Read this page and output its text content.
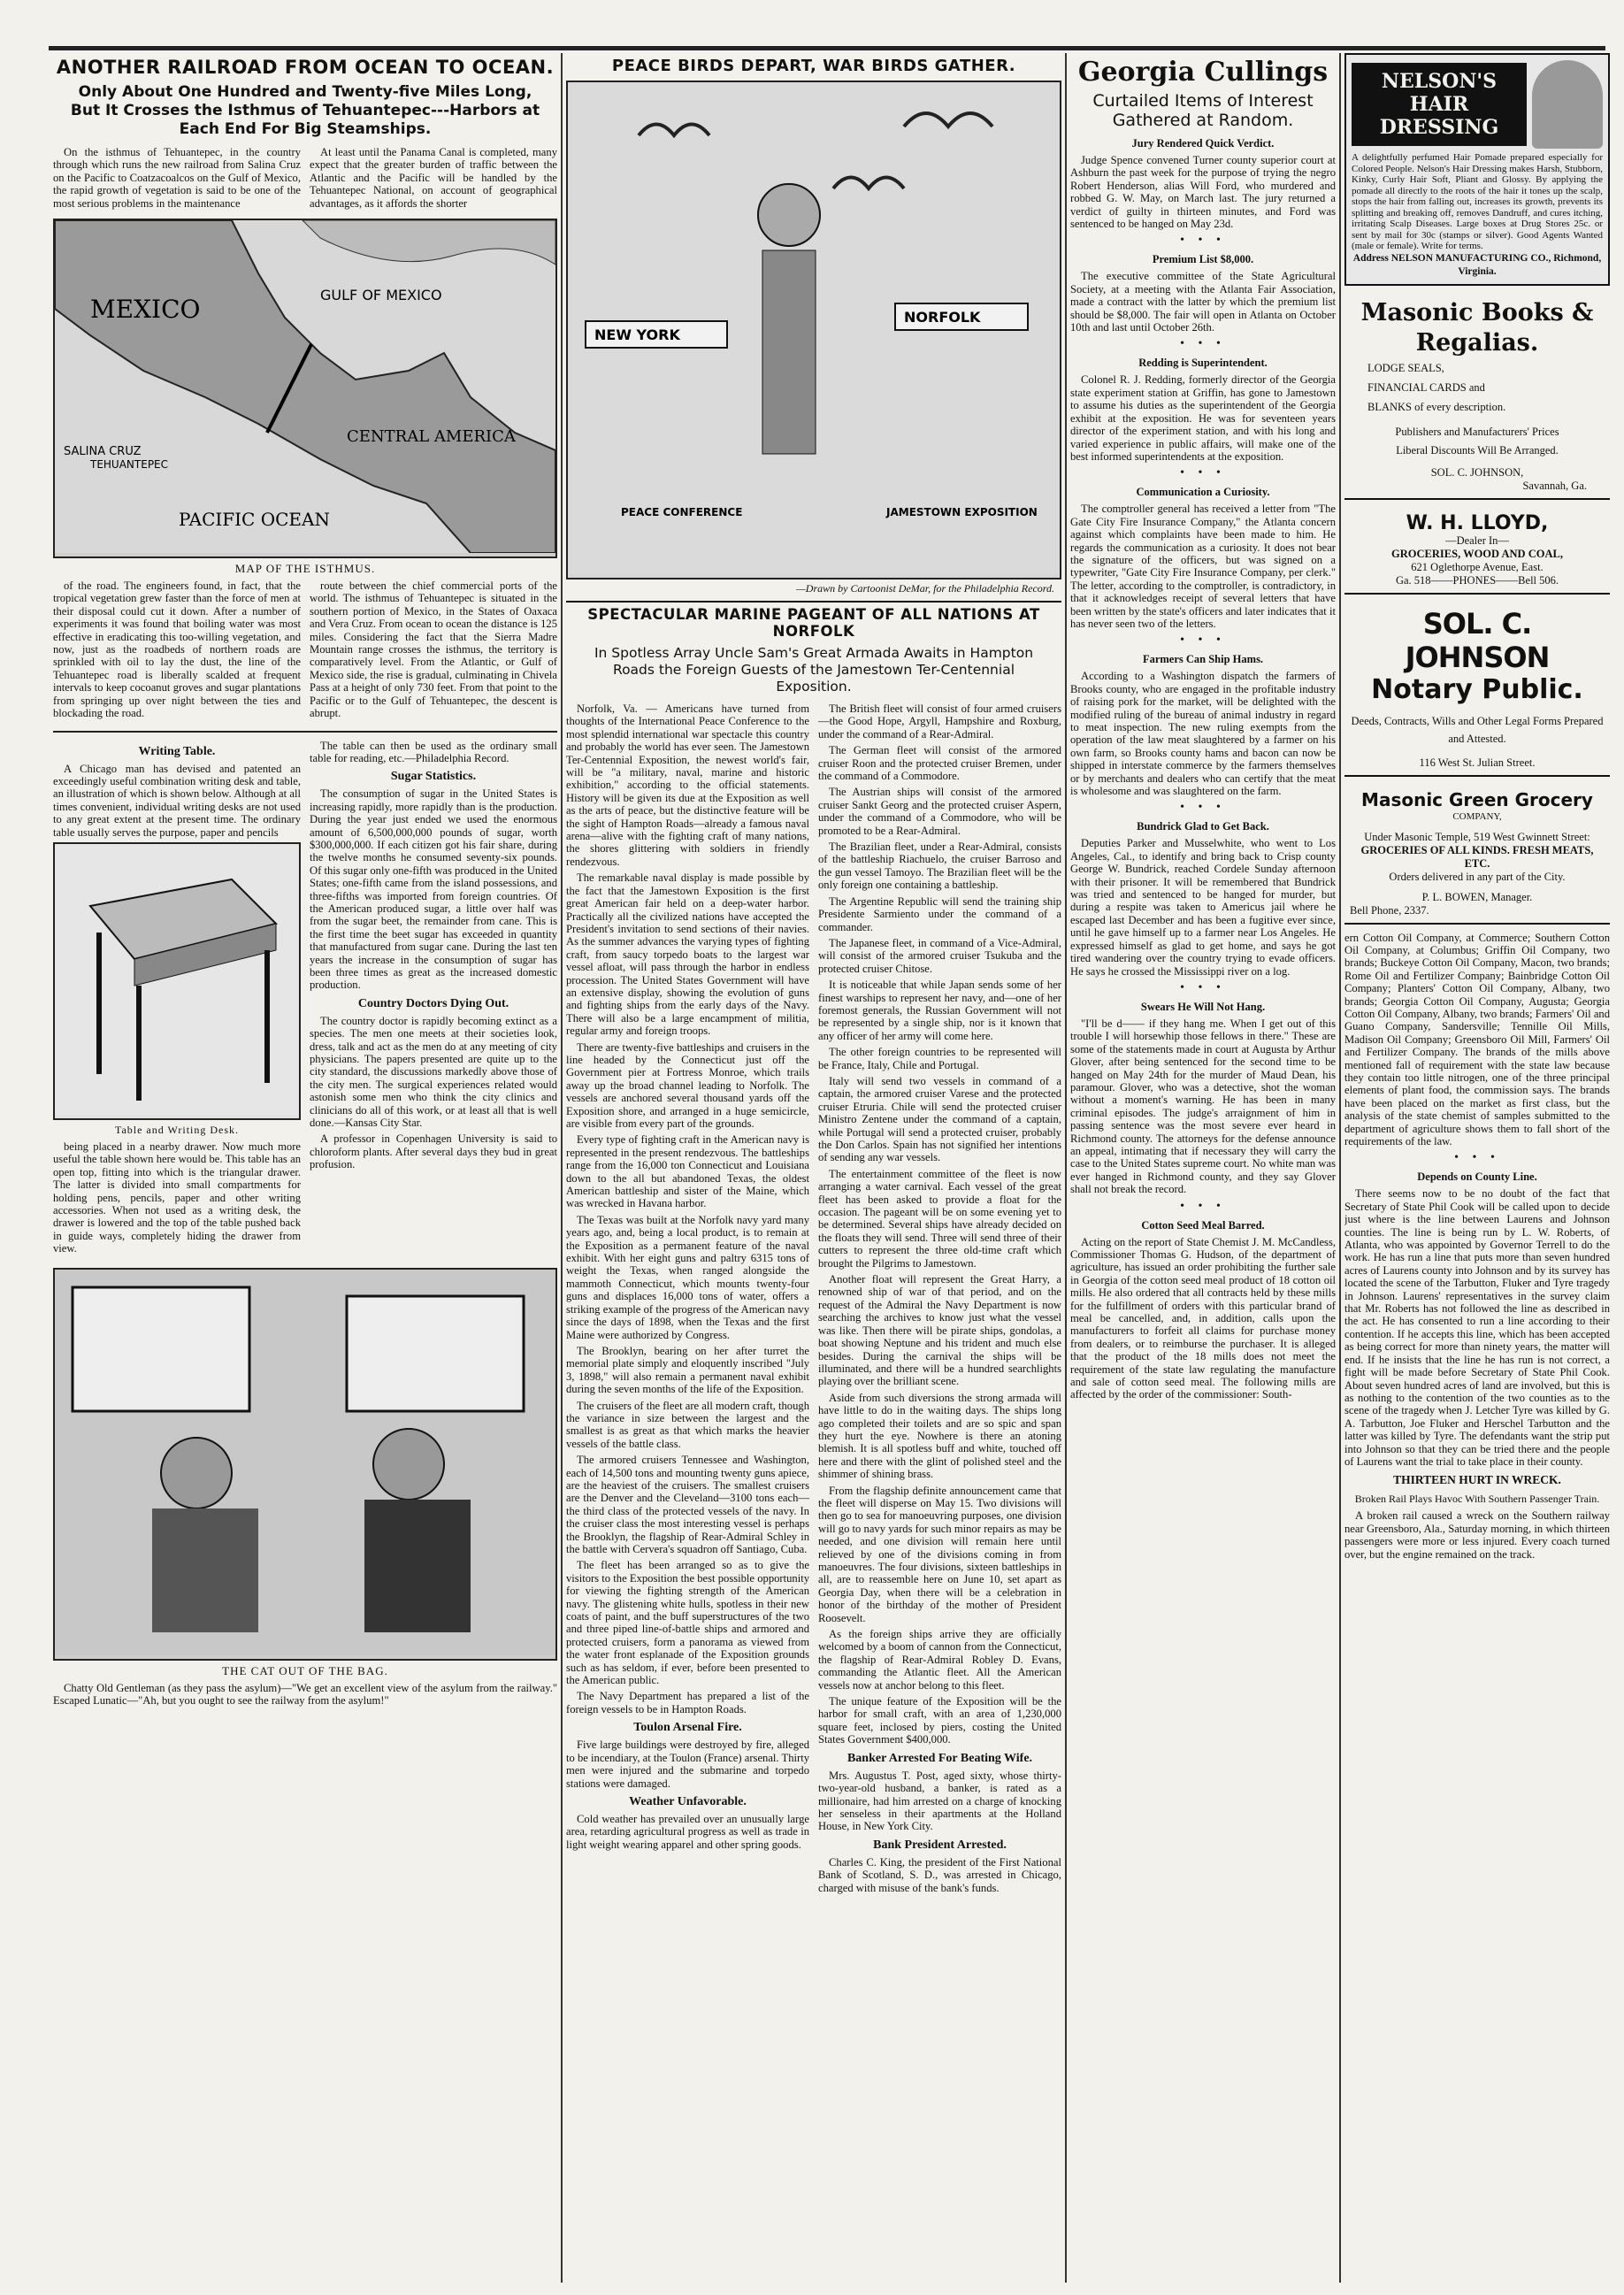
ANOTHER RAILROAD FROM OCEAN TO OCEAN.
Only About One Hundred and Twenty-five Miles Long, But It Crosses the Isthmus of Tehuantepec---Harbors at Each End For Big Steamships.

On the isthmus of Tehuantepec, in the country through which runs the new railroad from Salina Cruz on the Pacific to Coatzacoalcos on the Gulf of Mexico, the rapid growth of vegetation is said to be one of the most serious problems in the maintenance

At least until the Panama Canal is completed, many expect that the greater burden of traffic between the Atlantic and the Pacific will be handled by the Tehuantepec National, on account of geographical advantages, as it affords the shorter

GULF OF MEXICO
MEXICO
SALINA CRUZ
TEHUANTEPEC
CENTRAL AMERICA
PACIFIC OCEAN
MAP OF THE ISTHMUS.

of the road. The engineers found, in fact, that the tropical vegetation grew faster than the force of men at their disposal could cut it down. After a number of experiments it was found that boiling water was most effective in eradicating this too-willing vegetation, and now, just as the roadbeds of northern roads are sprinkled with oil to lay the dust, the line of the Tehuantepec road is liberally scalded at frequent intervals to keep cocoanut groves and sugar plantations from springing up over night between the ties and blockading the road.

route between the chief commercial ports of the world. The isthmus of Tehuantepec is situated in the southern portion of Mexico, in the States of Oaxaca and Vera Cruz. From ocean to ocean the distance is 125 miles. Considering the fact that the Sierra Madre Mountain range crosses the isthmus, the territory is comparatively level. From the Atlantic, or Gulf of Mexico side, the rise is gradual, culminating in Chivela Pass at a height of only 730 feet. From that point to the Pacific or to the Gulf of Tehuantepec, the descent is abrupt.

Writing Table.

A Chicago man has devised and patented an exceedingly useful combination writing desk and table, an illustration of which is shown below. Although at all times convenient, individual writing desks are not used to any great extent at the present time. The ordinary table usually serves the purpose, paper and pencils

Table and Writing Desk.

being placed in a nearby drawer. Now much more useful the table shown here would be. This table has an open top, fitting into which is the triangular drawer. The latter is divided into small compartments for holding pens, pencils, paper and other writing accessories. When not used as a writing desk, the drawer is lowered and the top of the table pushed back in guide ways, completely hiding the drawer from view.

The table can then be used as the ordinary small table for reading, etc.—Philadelphia Record.

Sugar Statistics.

The consumption of sugar in the United States is increasing rapidly, more rapidly than is the production. During the year just ended we used the enormous amount of 6,500,000,000 pounds of sugar, worth $300,000,000. If each citizen got his fair share, during the twelve months he consumed seventy-six pounds. Of this sugar only one-fifth was produced in the United States; one-fifth came from the island possessions, and three-fifths was imported from foreign countries. Of the American produced sugar, a little over half was from the sugar beet, the remainder from cane. This is the first time the beet sugar has exceeded in quantity that manufactured from sugar cane. During the last ten years the increase in the consumption of sugar has been three times as great as the increased domestic production.

Country Doctors Dying Out.

The country doctor is rapidly becoming extinct as a species. The men one meets at their societies look, dress, talk and act as the men do at any meeting of city physicians. The papers presented are quite up to the city standard, the discussions markedly above those of the city men. The surgical experiences related would astonish some men who think the city clinics and clinicians do all of this work, or at least all that is well done.—Kansas City Star.

A professor in Copenhagen University is said to chloroform plants. After several days they bud in great profusion.

THE CAT OUT OF THE BAG.

Chatty Old Gentleman (as they pass the asylum)—"We get an excellent view of the asylum from the railway." Escaped Lunatic—"Ah, but you ought to see the railway from the asylum!"

PEACE BIRDS DEPART, WAR BIRDS GATHER.
NEW YORK
NORFOLK
PEACE CONFERENCE	JAMESTOWN EXPOSITION
—Drawn by Cartoonist DeMar, for the Philadelphia Record.
SPECTACULAR MARINE PAGEANT OF ALL NATIONS AT NORFOLK
In Spotless Array Uncle Sam's Great Armada Awaits in Hampton Roads the Foreign Guests of the Jamestown Ter-Centennial Exposition.

Norfolk, Va. — Americans have turned from thoughts of the International Peace Conference to the most splendid international war spectacle this country and probably the world has ever seen. The Jamestown Ter-Centennial Exposition, the newest world's fair, will be "a military, naval, marine and historic exhibition," according to the official statements. History will be given its due at the Exposition as well as the arts of peace, but the distinctive feature will be the sight of Hampton Roads—already a famous naval arena—alive with the fighting craft of many nations, the shores glittering with soldiers in friendly rendezvous.

The remarkable naval display is made possible by the fact that the Jamestown Exposition is the first great American fair held on a deep-water harbor. Practically all the civilized nations have accepted the President's invitation to send sections of their navies. As the summer advances the varying types of fighting craft, from saucy torpedo boats to the largest war vessel afloat, will pass through the harbor in endless procession. The United States Government will have an extensive display, showing the evolution of guns and fighting ships from the early days of the Navy. There will also be a large encampment of militia, regular army and foreign troops.

There are twenty-five battleships and cruisers in the line headed by the Connecticut just off the Government pier at Fortress Monroe, which trails away up the broad channel leading to Norfolk. The vessels are anchored several thousand yards off the Exposition shore, and arranged in a huge semicircle, are visible from every part of the grounds.

Every type of fighting craft in the American navy is represented in the present rendezvous. The battleships range from the 16,000 ton Connecticut and Louisiana down to the all but abandoned Texas, the oldest American battleship and sister of the Maine, which was wrecked in Havana harbor.

The Texas was built at the Norfolk navy yard many years ago, and, being a local product, is to remain at the Exposition as a permanent feature of the naval exhibit. With her eight guns and paltry 6315 tons of weight the Texas, when ranged alongside the mammoth Connecticut, which mounts twenty-four guns and displaces 16,000 tons of water, offers a striking example of the progress of the American navy since the days of 1898, when the Texas and the first Maine were authorized by Congress.

The Brooklyn, bearing on her after turret the memorial plate simply and eloquently inscribed "July 3, 1898," will also remain a permanent naval exhibit during the seven months of the life of the Exposition.

The cruisers of the fleet are all modern craft, though the variance in size between the largest and the smallest is as great as that which marks the heavier vessels of the battle class.

The armored cruisers Tennessee and Washington, each of 14,500 tons and mounting twenty guns apiece, are the heaviest of the cruisers. The smallest cruisers are the Denver and the Cleveland—3100 tons each—the third class of the protected vessels of the navy. In the cruiser class the most interesting vessel is perhaps the Brooklyn, the flagship of Rear-Admiral Schley in the battle with Cervera's squadron off Santiago, Cuba.

The fleet has been arranged so as to give the visitors to the Exposition the best possible opportunity for viewing the fighting strength of the American navy. The glistening white hulls, spotless in their new coats of paint, and the buff superstructures of the two and three piped line-of-battle ships and armored and protected cruisers, form a panorama as viewed from the water front esplanade of the Exposition grounds such as has seldom, if ever, before been presented to the American public.

The Navy Department has prepared a list of the foreign vessels to be in Hampton Roads.

Toulon Arsenal Fire.

Five large buildings were destroyed by fire, alleged to be incendiary, at the Toulon (France) arsenal. Thirty men were injured and the submarine and torpedo stations were damaged.

Weather Unfavorable.

Cold weather has prevailed over an unusually large area, retarding agricultural progress as well as trade in light weight wearing apparel and other spring goods.

The British fleet will consist of four armed cruisers—the Good Hope, Argyll, Hampshire and Roxburg, under the command of a Rear-Admiral.

The German fleet will consist of the armored cruiser Roon and the protected cruiser Bremen, under the command of a Commodore.

The Austrian ships will consist of the armored cruiser Sankt Georg and the protected cruiser Aspern, under the command of a Commodore, who will be promoted to be a Rear-Admiral.

The Brazilian fleet, under a Rear-Admiral, consists of the battleship Riachuelo, the cruiser Barroso and the gun vessel Tamoyo. The Brazilian fleet will be the only foreign one containing a battleship.

The Argentine Republic will send the training ship Presidente Sarmiento under the command of a commander.

The Japanese fleet, in command of a Vice-Admiral, will consist of the armored cruiser Tsukuba and the protected cruiser Chitose.

It is noticeable that while Japan sends some of her finest warships to represent her navy, and—one of her foremost generals, the Russian Government will not be represented by a single ship, nor is it known that any officer of her army will come here.

The other foreign countries to be represented will be France, Italy, Chile and Portugal.

Italy will send two vessels in command of a captain, the armored cruiser Varese and the protected cruiser Etruria. Chile will send the protected cruiser Ministro Zentene under the command of a captain, while Portugal will send a protected cruiser, probably the Don Carlos. Spain has not signified her intentions of sending any war vessels.

The entertainment committee of the fleet is now arranging a water carnival. Each vessel of the great fleet has been asked to provide a float for the occasion. The pageant will be on some evening yet to be determined. Several ships have already decided on the floats they will send. Three will send three of their cutters to represent the three old-time craft which brought the Pilgrims to Jamestown.

Another float will represent the Great Harry, a renowned ship of war of that period, and on the request of the Admiral the Navy Department is now searching the archives to know just what the vessel was like. Then there will be pirate ships, gondolas, a boat showing Neptune and his trident and much else besides. During the carnival the ships will be illuminated, and there will be a hundred searchlights playing over the brilliant scene.

Aside from such diversions the strong armada will have little to do in the waiting days. The ships long ago completed their toilets and are so spic and span they hurt the eye. Nowhere is there an atoning blemish. It is all spotless buff and white, touched off here and there with the glint of polished steel and the shimmer of shining brass.

From the flagship definite announcement came that the fleet will disperse on May 15. Two divisions will then go to sea for manoeuvring purposes, one division will go to navy yards for such minor repairs as may be needed, and one division will remain here until relieved by one of the divisions coming in from manoeuvres. The four divisions, sixteen battleships in all, are to reassemble here on June 10, set apart as Georgia Day, when there will be a celebration in honor of the birthday of the mother of President Roosevelt.

As the foreign ships arrive they are officially welcomed by a boom of cannon from the Connecticut, the flagship of Rear-Admiral Robley D. Evans, commanding the Atlantic fleet. All the American vessels now at anchor belong to this fleet.

The unique feature of the Exposition will be the harbor for small craft, with an area of 1,230,000 square feet, inclosed by piers, costing the United States Government $400,000.

Banker Arrested For Beating Wife.

Mrs. Augustus T. Post, aged sixty, whose thirty-two-year-old husband, a banker, is rated as a millionaire, had him arrested on a charge of knocking her senseless in their apartments at the Holland House, in New York City.

Bank President Arrested.

Charles C. King, the president of the First National Bank of Scotland, S. D., was arrested in Chicago, charged with misuse of the bank's funds.

Georgia Cullings
Curtailed Items of Interest Gathered at Random.
Jury Rendered Quick Verdict.

Judge Spence convened Turner county superior court at Ashburn the past week for the purpose of trying the negro Robert Henderson, alias Will Ford, who murdered and robbed G. W. May, on March last. The jury returned a verdict of guilty in thirteen minutes, and Ford was sentenced to be hanged on May 23d.

• • •
Premium List $8,000.

The executive committee of the State Agricultural Society, at a meeting with the Atlanta Fair Association, made a contract with the latter by which the premium list should be $8,000. The fair will open in Atlanta on October 10th and last until October 26th.

• • •
Redding is Superintendent.

Colonel R. J. Redding, formerly director of the Georgia state experiment station at Griffin, has gone to Jamestown to assume his duties as the superintendent of the Georgia exhibit at the exposition. He was for seventeen years director of the experiment station, and with his long and varied experience in public affairs, will make one of the best informed superintendents at the exposition.

• • •
Communication a Curiosity.

The comptroller general has received a letter from "The Gate City Fire Insurance Company," the Atlanta concern against which complaints have been made to him. He regards the communication as a curiosity. It does not bear the signature of the officers, but was signed on a typewriter, "Gate City Fire Insurance Company, per clerk." The letter, according to the comptroller, is contradictory, in that it acknowledges receipt of several letters that have been written by the state's officers and later indicates that it has never seen two of the letters.

• • •
Farmers Can Ship Hams.

According to a Washington dispatch the farmers of Brooks county, who are engaged in the profitable industry of raising pork for the market, will be delighted with the modified ruling of the bureau of animal industry in regard to meat inspection. The new ruling exempts from the operation of the law meat slaughtered by a farmer on his own farm, so Brooks county hams and bacon can now be shipped in interstate commerce by the farmers themselves or by merchants and dealers who can certify that the meat is wholesome and was slaughtered on the farm.

• • •
Bundrick Glad to Get Back.

Deputies Parker and Musselwhite, who went to Los Angeles, Cal., to identify and bring back to Crisp county George W. Bundrick, reached Cordele Sunday afternoon with their prisoner. It will be remembered that Bundrick was tried and sentenced to be hanged for murder, but during a respite was taken to Americus jail where he escaped last December and has been a fugitive ever since, until he gave himself up to a farmer near Los Angeles. He expressed himself as glad to get home, and says he got tired wandering over the country trying to evade officers. He says he crossed the Mississippi river on a log.

• • •
Swears He Will Not Hang.

"I'll be d—— if they hang me. When I get out of this trouble I will horsewhip those fellows in there." These are some of the statements made in court at Augusta by Arthur Glover, after being sentenced for the second time to be hanged on May 24th for the murder of Maud Dean, his paramour. Glover, who was a detective, shot the woman without a moment's warning. He has been in many criminal episodes. The judge's arraignment of him in passing sentence was the most severe ever heard in Richmond county. The attorneys for the defense announce an appeal, intimating that if necessary they will carry the case to the United States supreme court. No white man was ever hanged in Richmond county, and they say Glover shall not break the record.

• • •
Cotton Seed Meal Barred.

Acting on the report of State Chemist J. M. McCandless, Commissioner Thomas G. Hudson, of the department of agriculture, has issued an order prohibiting the further sale in Georgia of the cotton seed meal product of 18 cotton oil mills. He also ordered that all contracts held by these mills for the fulfillment of orders with this particular brand of meal be cancelled, and, in addition, calls upon the manufacturers to forfeit all claims for purchase money from dealers, or to reimburse the purchaser. It is alleged that the product of the 18 mills does not meet the requirement of the state law regulating the manufacture and sale of cotton seed meal. The following mills are affected by the order of the commissioner: South-

NELSON'S HAIR DRESSING
A delightfully perfumed Hair Pomade prepared especially for Colored People. Nelson's Hair Dressing makes Harsh, Stubborn, Kinky, Curly Hair Soft, Pliant and Glossy. By applying the pomade all directly to the roots of the hair it tones up the scalp, stops the hair from falling out, increases its growth, prevents its splitting and breaking off, removes Dandruff, and cures itching, irritating Scalp Diseases. Large boxes at Drug Stores 25c. or sent by mail for 30c (stamps or silver). Good Agents Wanted (male or female). Write for terms.
Address NELSON MANUFACTURING CO., Richmond, Virginia.
Masonic Books & Regalias.
LODGE SEALS,
FINANCIAL CARDS and
BLANKS of every description.
Publishers and Manufacturers' Prices
Liberal Discounts Will Be Arranged.
SOL. C. JOHNSON,
Savannah, Ga.
W. H. LLOYD,
—Dealer In—
GROCERIES, WOOD AND COAL,
621 Oglethorpe Avenue, East.
Ga. 518——PHONES——Bell 506.
SOL. C. JOHNSON
Notary Public.
Deeds, Contracts, Wills and Other Legal Forms Prepared and Attested.
116 West St. Julian Street.
Masonic Green Grocery
COMPANY,
Under Masonic Temple, 519 West Gwinnett Street:
GROCERIES OF ALL KINDS. FRESH MEATS, ETC.
Orders delivered in any part of the City.
P. L. BOWEN, Manager.
Bell Phone, 2337.

ern Cotton Oil Company, at Commerce; Southern Cotton Oil Company, at Columbus; Griffin Oil Company, two brands; Buckeye Cotton Oil Company, Macon, two brands; Rome Oil and Fertilizer Company; Bainbridge Cotton Oil Company; Planters' Cotton Oil Company, Albany, two brands; Georgia Cotton Oil Company, Augusta; Georgia Cotton Oil Company, Albany, two brands; Farmers' Oil and Guano Company, Sandersville; Tennille Oil Mills, Madison Oil Company; Greensboro Oil Mill, Farmers' Oil and Fertilizer Company. The brands of the mills above mentioned fall of requirement with the state law because they contain too little nitrogen, one of the three principal elements of plant food, the commission says. The brands have been placed on the market as first class, but the analysis of the state chemist of samples submitted to the department of agriculture shows them to fall short of the requirements of the law.

• • •
Depends on County Line.

There seems now to be no doubt of the fact that Secretary of State Phil Cook will be called upon to decide just where is the line between Laurens and Johnson counties. The line is being run by L. W. Roberts, of Atlanta, who was appointed by Governor Terrell to do the work. He has run a line that puts more than seven hundred acres of Laurens county into Johnson and by its survey has located the scene of the Tarbutton, Fluker and Tyre tragedy in Johnson. Laurens' representatives in the survey claim that Mr. Roberts has not followed the line as described in the act. He has consented to run a line according to their contention. If he accepts this line, which has been accepted as being correct for more than ninety years, the matter will end. If he insists that the line he has run is not correct, a fight will be made before Secretary of State Phil Cook. About seven hundred acres of land are involved, but this is as nothing to the contention of the two counties as to the scene of the tragedy when J. Letcher Tyre was killed by G. A. Tarbutton, Joe Fluker and Herschel Tarbutton and the latter was killed by Tyre. The defendants want the strip put into Johnson so that they can be tried there and the people of Laurens want the trial to take place in their county.

THIRTEEN HURT IN WRECK.
Broken Rail Plays Havoc With Southern Passenger Train.

A broken rail caused a wreck on the Southern railway near Greensboro, Ala., Saturday morning, in which thirteen passengers were more or less injured. Every coach turned over, but the engine remained on the track.
